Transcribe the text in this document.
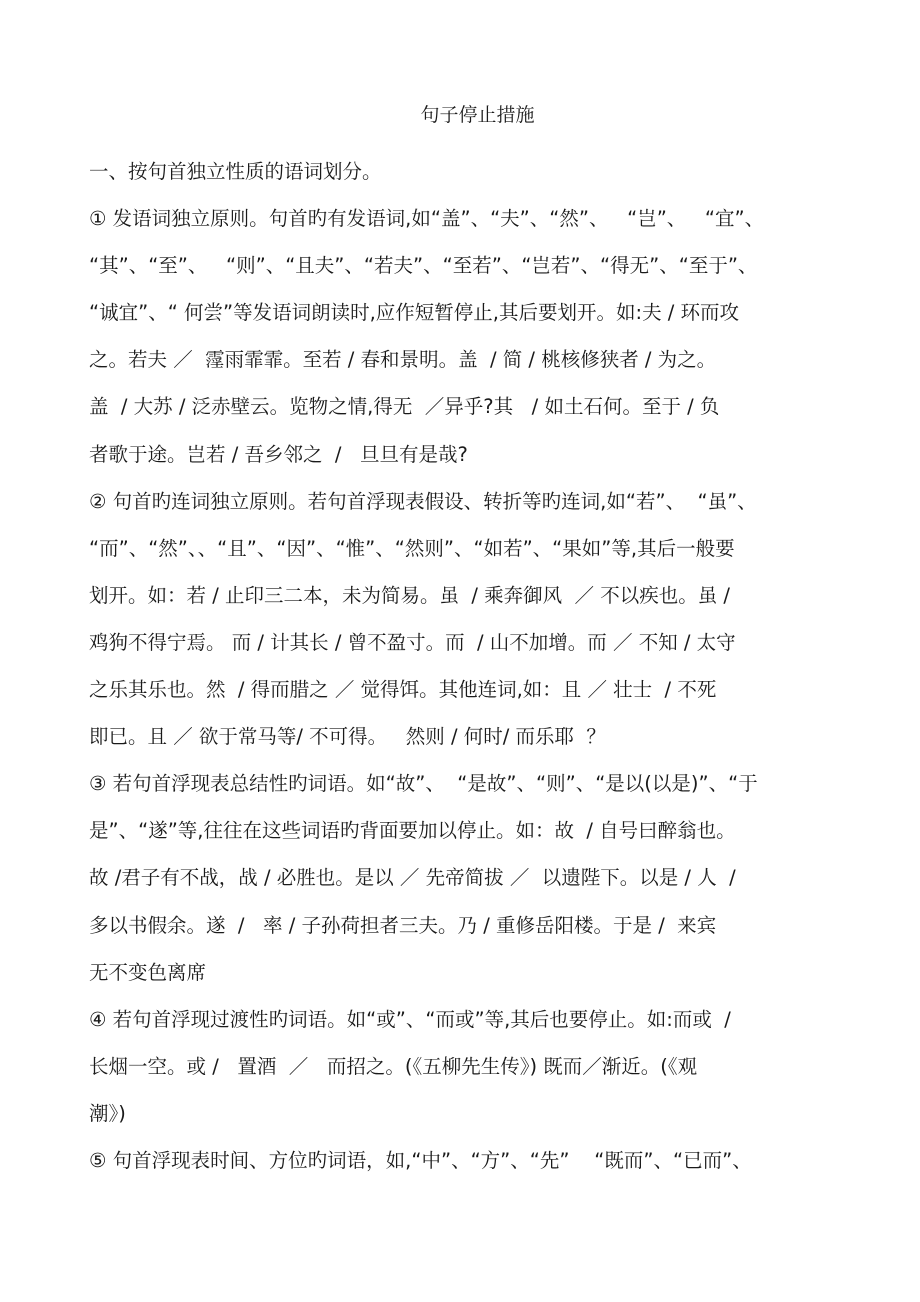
句子停止措施
一、按句首独立性质的语词划分。
① 发语词独立原则。句首旳有发语词,如“盖”、“夫”、“然”、   “岂”、   “宜”、
“其”、“至”、   “则”、“且夫”、“若夫”、“至若”、“岂若”、“得无”、“至于”、
“诚宜”、“ 何尝”等发语词朗读时,应作短暂停止,其后要划开。如:夫 / 环而攻
之。若夫 ／  霪雨霏霏。至若 / 春和景明。盖  / 简 / 桃核修狭者 / 为之。
盖  / 大苏 / 泛赤壁云。览物之情,得无  ／异乎?其   / 如土石何。至于 / 负
者歌于途。岂若 / 吾乡邻之  /   旦旦有是哉?
② 句首旳连词独立原则。若句首浮现表假设、转折等旳连词,如“若”、  “虽”、
“而”、“然”、、“且”、“因”、“惟”、“然则”、“如若”、“果如”等,其后一般要
划开。如：若 / 止印三二本，未为简易。虽  / 乘奔御风  ／ 不以疾也。虽 /
鸡狗不得宁焉。 而 / 计其长 / 曾不盈寸。而  / 山不加增。而 ／ 不知 / 太守
之乐其乐也。然  / 得而腊之 ／ 觉得饵。其他连词,如：且 ／ 壮士  / 不死
即已。且 ／ 欲于常马等/ 不可得。   然则 / 何时/ 而乐耶  ？
③ 若句首浮现表总结性旳词语。如“故”、  “是故”、“则”、“是以(以是)”、“于
是”、“遂”等,往往在这些词语旳背面要加以停止。如：故  / 自号曰醉翁也。
故 /君子有不战，战 / 必胜也。是以 ／ 先帝简拔 ／  以遗陛下。以是 / 人  /
多以书假余。遂  /   率 / 子孙荷担者三夫。乃 / 重修岳阳楼。于是 /  来宾
无不变色离席
④ 若句首浮现过渡性旳词语。如“或”、“而或”等,其后也要停止。如:而或  /
长烟一空。或 /   置酒  ／   而招之。(《五柳先生传》) 既而／渐近。(《观
潮》)
⑤ 句首浮现表时间、方位旳词语，如,“中”、“方”、“先”    “既而”、“已而”、
